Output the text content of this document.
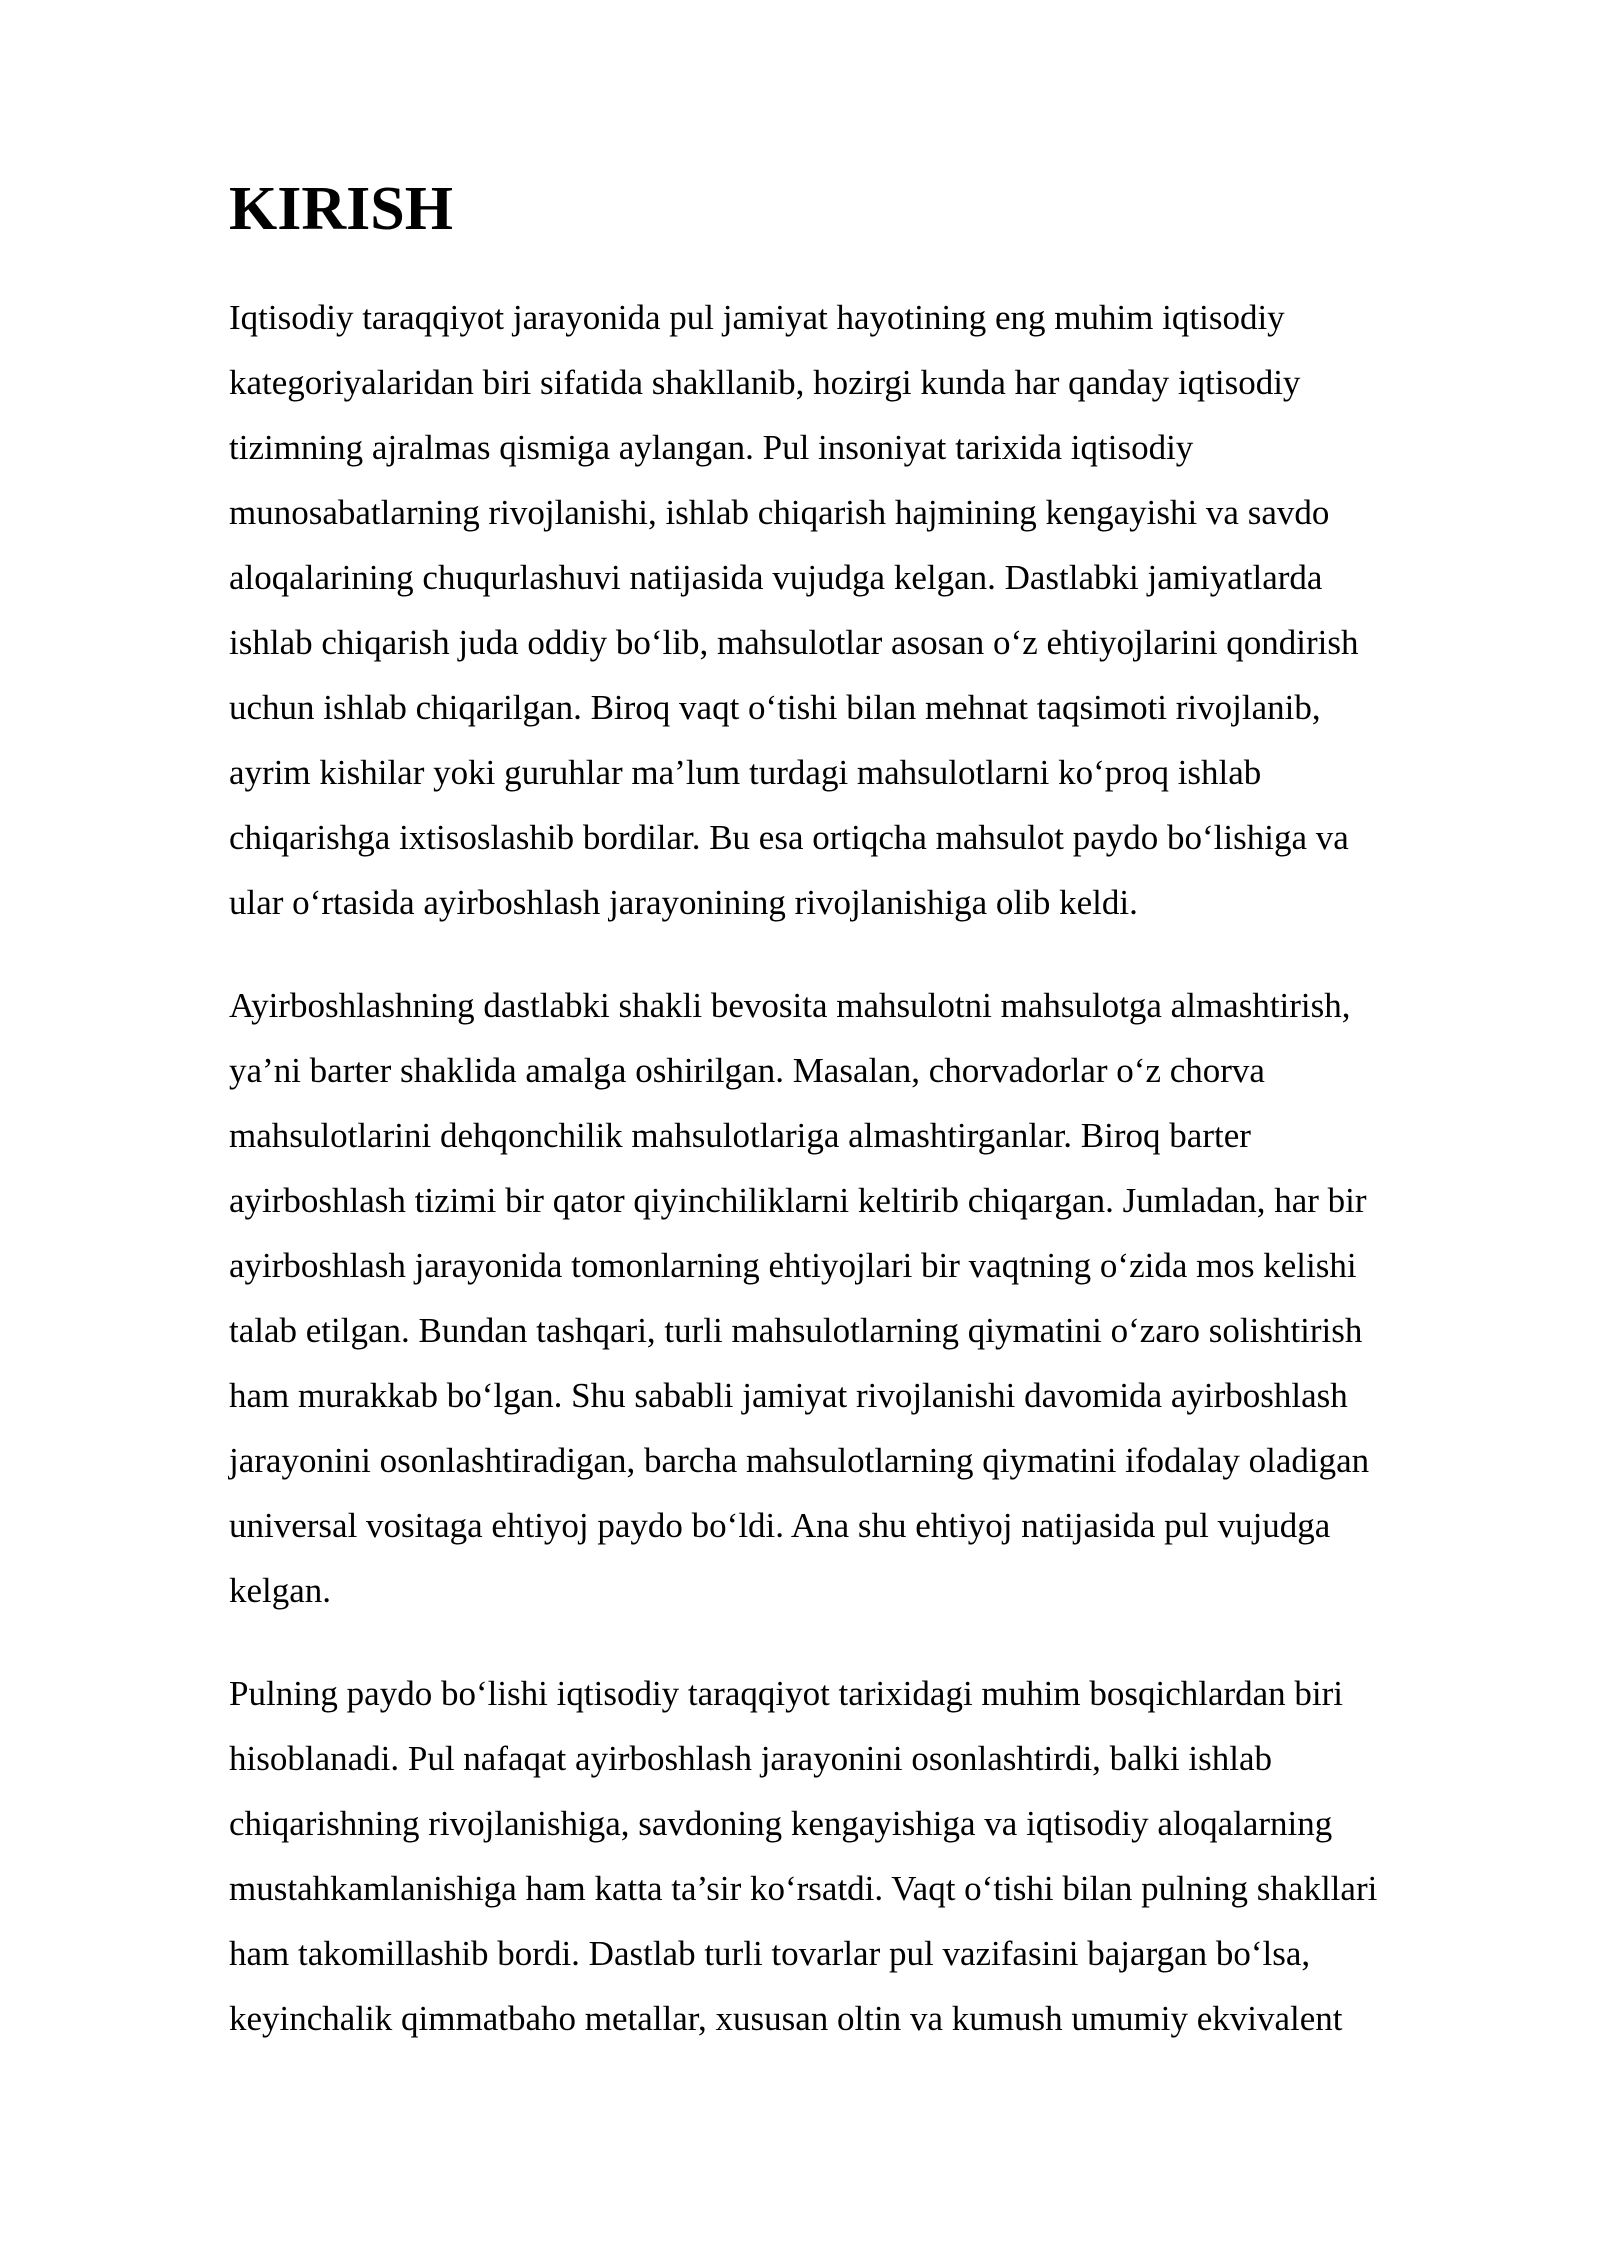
KIRISH

Iqtisodiy taraqqiyot jarayonida pul jamiyat hayotining eng muhim iqtisodiy
kategoriyalaridan biri sifatida shakllanib, hozirgi kunda har qanday iqtisodiy
tizimning ajralmas qismiga aylangan. Pul insoniyat tarixida iqtisodiy
munosabatlarning rivojlanishi, ishlab chiqarish hajmining kengayishi va savdo
aloqalarining chuqurlashuvi natijasida vujudga kelgan. Dastlabki jamiyatlarda
ishlab chiqarish juda oddiy bo‘lib, mahsulotlar asosan o‘z ehtiyojlarini qondirish
uchun ishlab chiqarilgan. Biroq vaqt o‘tishi bilan mehnat taqsimoti rivojlanib,
ayrim kishilar yoki guruhlar ma’lum turdagi mahsulotlarni ko‘proq ishlab
chiqarishga ixtisoslashib bordilar. Bu esa ortiqcha mahsulot paydo bo‘lishiga va
ular o‘rtasida ayirboshlash jarayonining rivojlanishiga olib keldi.

Ayirboshlashning dastlabki shakli bevosita mahsulotni mahsulotga almashtirish,
ya’ni barter shaklida amalga oshirilgan. Masalan, chorvadorlar o‘z chorva
mahsulotlarini dehqonchilik mahsulotlariga almashtirganlar. Biroq barter
ayirboshlash tizimi bir qator qiyinchiliklarni keltirib chiqargan. Jumladan, har bir
ayirboshlash jarayonida tomonlarning ehtiyojlari bir vaqtning o‘zida mos kelishi
talab etilgan. Bundan tashqari, turli mahsulotlarning qiymatini o‘zaro solishtirish
ham murakkab bo‘lgan. Shu sababli jamiyat rivojlanishi davomida ayirboshlash
jarayonini osonlashtiradigan, barcha mahsulotlarning qiymatini ifodalay oladigan
universal vositaga ehtiyoj paydo bo‘ldi. Ana shu ehtiyoj natijasida pul vujudga
kelgan.

Pulning paydo bo‘lishi iqtisodiy taraqqiyot tarixidagi muhim bosqichlardan biri
hisoblanadi. Pul nafaqat ayirboshlash jarayonini osonlashtirdi, balki ishlab
chiqarishning rivojlanishiga, savdoning kengayishiga va iqtisodiy aloqalarning
mustahkamlanishiga ham katta ta’sir ko‘rsatdi. Vaqt o‘tishi bilan pulning shakllari
ham takomillashib bordi. Dastlab turli tovarlar pul vazifasini bajargan bo‘lsa,
keyinchalik qimmatbaho metallar, xususan oltin va kumush umumiy ekvivalent
